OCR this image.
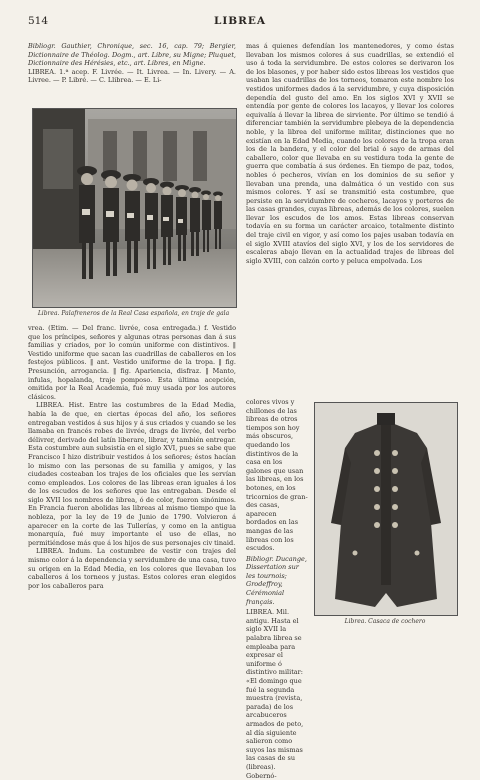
514	LIBREA

Bibliogr. Gauthier, Chronique, sec. 16, cap. 79; Bergier, Dictionnaire de Théolog. Dogm., art. Libre, su Migne; Pluquet, Dictionnaire des Hérésies, etc., art. Libres, en Migne.

LIBREA. 1.ª acep. F. Livrée. — It. Livrea. — In. Livery. — A. Livree. — P. Libré. — C. Llibrea. — E. Li-

Librea. Palafreneros de la Real Casa española, en traje de gala

vrea. (Etim. — Del franc. livrée, cosa entregada.) f. Vestido que los príncipes, señores y algunas otras personas dan á sus familias y criados, por lo común uniforme con distintivos. ‖ Vestido uniforme que sacan las cuadrillas de caballeros en los festejos públicos. ‖ ant. Vestido uniforme de la tropa. ‖ fig. Presunción, arrogancia. ‖ fig. Apariencia, disfraz. ‖ Manto, infulas, hopalanda, traje pomposo. Esta última acepción, omitida por la Real Academia, fué muy usada por los autores clásicos.

LIBREA. Hist. Entre las costumbres de la Edad Media, había la de que, en ciertas épocas del año, los señores entregaban vestidos á sus hijos y á sus criados y cuando se les llamaba en francés robes de livrée, drags de livrée, del verbo délivrer, derivado del latín liberare, librar, y también entregar. Esta costumbre aun subsistía en el siglo XVI, pues se sabe que Francisco I hizo distribuir vestidos á los señores; éstos hacían lo mismo con las personas de su familia y amigos, y las ciudades costeaban los trajes de los oficiales que les servían como empleados. Los colores de las libreas eran iguales á los de los escudos de los señores que las entregaban. Desde el siglo XVII los nombres de librea, ó de color, fueron sinónimos. En Francia fueron abolidas las libreas al mismo tiempo que la nobleza, por la ley de 19 de Junio de 1790. Volvieron á aparecer en la corte de las Tullerías, y como en la antigua monarquía, fué muy importante el uso de ellas, no permitiéndose más que á los hijos de sus personajes civ tinaid.

LIBREA. Indum. La costumbre de vestir con trajes del mismo color á la dependencia y servidumbre de una casa, tuvo su origen en la Edad Media, en los colores que llevaban los caballeros á los torneos y justas. Estos colores eran elegidos por los caballeros para

mas á quienes defendían los mantenedores, y como éstas llevaban los mismos colores á sus cuadrillas, se extendió el uso á toda la servidumbre. De estos colores se derivaron los de los blasones, y por haber sido estos libreas los vestidos que usaban las cuadrillas de los torneos, tomaron este nombre los vestidos uniformes dados á la servidumbre, y cuya disposición dependía del gusto del amo. En los siglos XVI y XVII se entendía por gente de colores los lacayos, y llevar los colores equivalía á llevar la librea de sirviente. Por último se tendió á diferenciar también la servidumbre plebeya de la dependencia noble, y la librea del uniforme militar, distinciones que no existían en la Edad Media, cuando los colores de la tropa eran los de la bandera, y el color del brial ó sayo de armas del caballero, color que llevaba en su vestidura toda la gente de guerra que combatía á sus órdenes. En tiempo de paz, todos, nobles ó pecheros, vivían en los dominios de su señor y llevaban una prenda, una dalmática ó un vestido con sus mismos colores. Y así se transmitió esta costumbre, que persiste en la servidumbre de cocheros, lacayos y porteros de las casas grandes, cuyas libreas, además de los colores, suelen llevar los escudos de los amos. Estas libreas conservan todavía en su forma un carácter arcaico, totalmente distinto del traje civil en vigor, y así como los pajes usaban todavía en el siglo XVIII atavíos del siglo XVI, y los de los servidores de escaleras abajo llevan en la actualidad trajes de libreas del siglo XVIII, con calzón corto y peluca empolvada. Los

colores vivos y chillones de las libreas de otros tiempos son hoy más obscuros, quedando los distintivos de la casa en los galones que usan las libreas, en los botones, en los tricornios de gran-des casas, aparecen bordados en las mangas de las libreas con los escudos.

Bibliogr. Ducange, Dissertation sur les tournois; Grodeffroy, Cérémonial français.

LIBREA. Mil. antigu. Hasta el siglo XVII la palabra librea se empleaba para expresar el uniforme ó distintivo militar: «El domingo que fué la segunda muestra (revista, parada) de los arcabuceros armados de peto, al día siguiente salieron como suyos las mismas las casas de su (libreas). Gobernó-

Librea. Casaca de cochero
